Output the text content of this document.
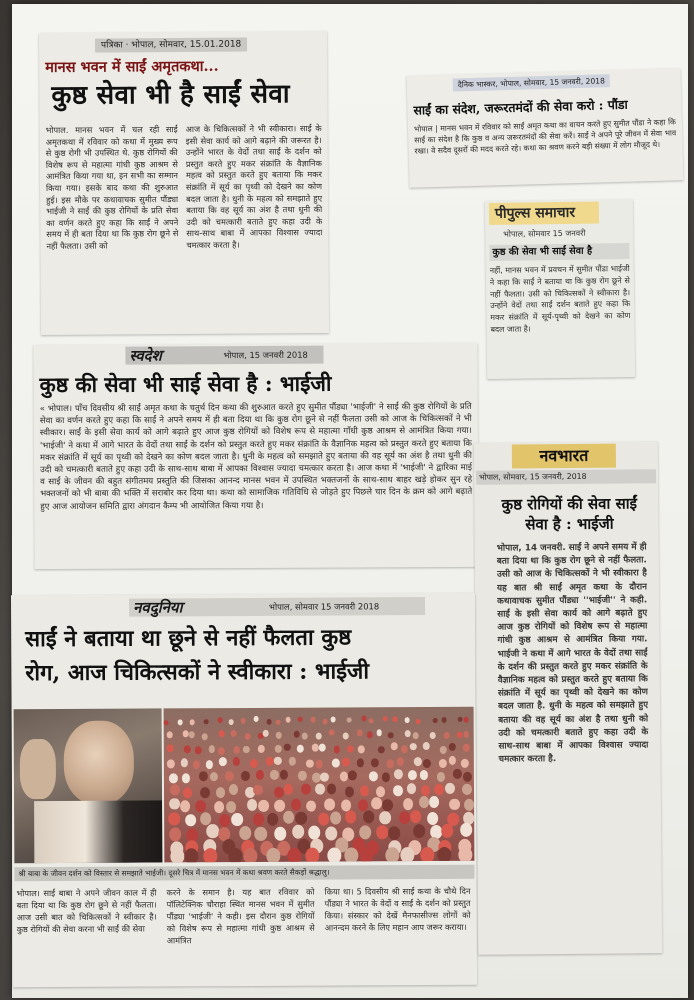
पत्रिका · भोपाल, सोमवार, 15.01.2018
मानस भवन में साईं अमृतकथा...
कुष्ठ सेवा भी है साईं सेवा
भोपाल. मानस भवन में चल रही साईं अमृतकथा में रविवार को कथा में मुख्य रूप से कुष्ठ रोगी भी उपस्थित थे. कुष्ठ रोगियों की विशेष रूप से महात्मा गांधी कुष्ठ आश्रम से आमंत्रित किया गया था, इन सभी का सम्मान किया गया। इसके बाद कथा की शुरुआत हुई। इस मौके पर कथावाचक सुमीत पौंड्या भाईजी ने साईं की कुष्ठ रोगियों के प्रति सेवा का वर्णन करते हुए कहा कि साईं ने अपने समय में ही बता दिया था कि कुष्ठ रोग छूने से नहीं फैलता। उसी को
आज के चिकित्सकों ने भी स्वीकारा। साईं के इसी सेवा कार्य को आगे बढ़ाने की जरूरत है। उन्होंने भारत के वेदों तथा साईं के दर्शन को प्रस्तुत करते हुए मकर संक्रांति के वैज्ञानिक महत्व को प्रस्तुत करते हुए बताया कि मकर संक्रांति में सूर्य का पृथ्वी को देखने का कोण बदल जाता है। धुनी के महत्व को समझाते हुए बताया कि वह सूर्य का अंश है तथा धुनी की उदी को चमत्कारी बताते हुए कहा उदी के साथ-साथ बाबा में आपका विश्वास ज्यादा चमत्कार करता है।
दैनिक भास्कर, भोपाल, सोमवार, 15 जनवरी, 2018
साईं का संदेश, जरूरतमंदों की सेवा करो : पौंडा
भोपाल | मानस भवन में रविवार को साईं अमृत कथा का वाचन करते हुए सुमीत पौंडा ने कहा कि साईं का संदेश है कि कुष्ठ व अन्य जरूरतमंदों की सेवा करें। साईं ने अपने पूरे जीवन में सेवा भाव रखा। वे सदैव दूसरों की मदद करते रहे। कथा का श्रवण करने बड़ी संख्या में लोग मौजूद थे।
पीपुल्स समाचार
भोपाल, सोमवार 15 जनवरी
कुष्ठ की सेवा भी साईं सेवा है
नहीं, मानस भवन में प्रवचन में सुमीत पौंडा भाईजी ने कहा कि साईं ने बताया था कि कुष्ठ रोग छूने से नहीं फैलता। उसी को चिकित्सकों ने स्वीकारा है। उन्होंने वेदों तथा साईं दर्शन बताते हुए कहा कि मकर संक्रांति में सूर्य-पृथ्वी को देखने का कोण बदल जाता है।
स्वदेश	भोपाल, 15 जनवरी 2018
कुष्ठ की सेवा भी साई सेवा है : भाईजी
« भोपाल। पाँच दिवसीय श्री साईं अमृत कथा के चतुर्थ दिन कथा की शुरुआत करते हुए सुमीत पौंड्या 'भाईजी' ने साईं की कुष्ठ रोगियों के प्रति सेवा का वर्णन करते हुए कहा कि साईं ने अपने समय में ही बता दिया था कि कुष्ठ रोग छूने से नहीं फैलता उसी को आज के चिकित्सकों ने भी स्वीकार। साईं के इसी सेवा कार्य को आगे बढ़ाते हुए आज कुष्ठ रोगियों को विशेष रूप से महात्मा गाँधी कुष्ठ आश्रम से आमंत्रित किया गया। 'भाईजी' ने कथा में आगे भारत के वेदों तथा साईं के दर्शन को प्रस्तुत करते हुए मकर संक्रांति के वैज्ञानिक महत्व को प्रस्तुत करते हुए बताया कि मकर संक्रांति में सूर्य का पृथ्वी को देखने का कोण बदल जाता है। धुनी के महत्व को समझाते हुए बताया की वह सूर्य का अंश है तथा धुनी की उदी को चमत्कारी बताते हुए कहा उदी के साथ-साथ बाबा में आपका विश्वास ज्यादा चमत्कार करता है। आज कथा में 'भाईजी' ने द्वारिका माई व साईं के जीवन की बहुत संगीतमय प्रस्तुति की जिसका आनन्द मानस भवन में उपस्थित भक्तजनों के साथ-साथ बाहर खड़े होकर सुन रहे भक्तजनों को भी बाबा की भक्ति में सराबोर कर दिया था। कथा को सामाजिक गतिविधि से जोड़ते हुए पिछले चार दिन के क्रम को आगे बढ़ाते हुए आज आयोजन समिति द्वारा अंगदान कैम्प भी आयोजित किया गया है।
नवभारत
भोपाल, सोमवार, 15 जनवरी, 2018
कुष्ठ रोगियों की सेवा साईं सेवा है : भाईजी
भोपाल, 14 जनवरी. साईं ने अपने समय में ही बता दिया था कि कुष्ठ रोग छूने से नहीं फैलता. उसी को आज के चिकित्सकों ने भी स्वीकारा है यह बात श्री साईं अमृत कथा के दौरान कथावाचक सुमीत पौंड्या ''भाईजी'' ने कही. साईं के इसी सेवा कार्य को आगे बढ़ाते हुए आज कुष्ठ रोगियों को विशेष रूप से महात्मा गांधी कुष्ठ आश्रम से आमंत्रित किया गया. भाईजी ने कथा में आगे भारत के वेदों तथा साईं के दर्शन की प्रस्तुत करते हुए मकर संक्रांति के वैज्ञानिक महत्व को प्रस्तुत करते हुए बताया कि संक्रांति में सूर्य का पृथ्वी को देखने का कोण बदल जाता है. धुनी के महत्व को समझाते हुए बताया की वह सूर्य का अंश है तथा धुनी को उदी को चमत्कारी बताते हुए कहा उदी के साथ-साथ बाबा में आपका विश्वास ज्यादा चमत्कार करता है.
नवदुनिया	भोपाल, सोमवार 15 जनवरी 2018
साईं ने बताया था छूने से नहीं फैलता कुष्ठ
रोग, आज चिकित्सकों ने स्वीकारा : भाईजी
श्री बाबा के जीवन दर्शन को विस्तार से समझाते भाईजी। दूसरे चित्र में मानस भवन में कथा श्रवण करते सैकड़ों श्रद्धालु।
भोपाल। साईं बाबा ने अपने जीवन काल में ही बता दिया था कि कुष्ठ रोग छूने से नहीं फैलता। आज उसी बात को चिकित्सकों ने स्वीकार है। कुष्ठ रोगियों की सेवा करना भी साईं की सेवा
करने के समान है। यह बात रविवार को पॉलिटेक्निक चौराहा स्थित मानस भवन में सुमीत पौंड्या 'भाईजी' ने कही। इस दौरान कुष्ठ रोगियों को विशेष रूप से महात्मा गांधी कुष्ठ आश्रम से आमंत्रित
किया था। 5 दिवसीय श्री साईं कथा के चौथे दिन पौंड्या ने भारत के वेदों व साईं के दर्शन को प्रस्तुत किया। संस्कार को देखें मैनफासीज्स लोगों को आनन्दम करने के लिए महान आप जरूर कराया।
